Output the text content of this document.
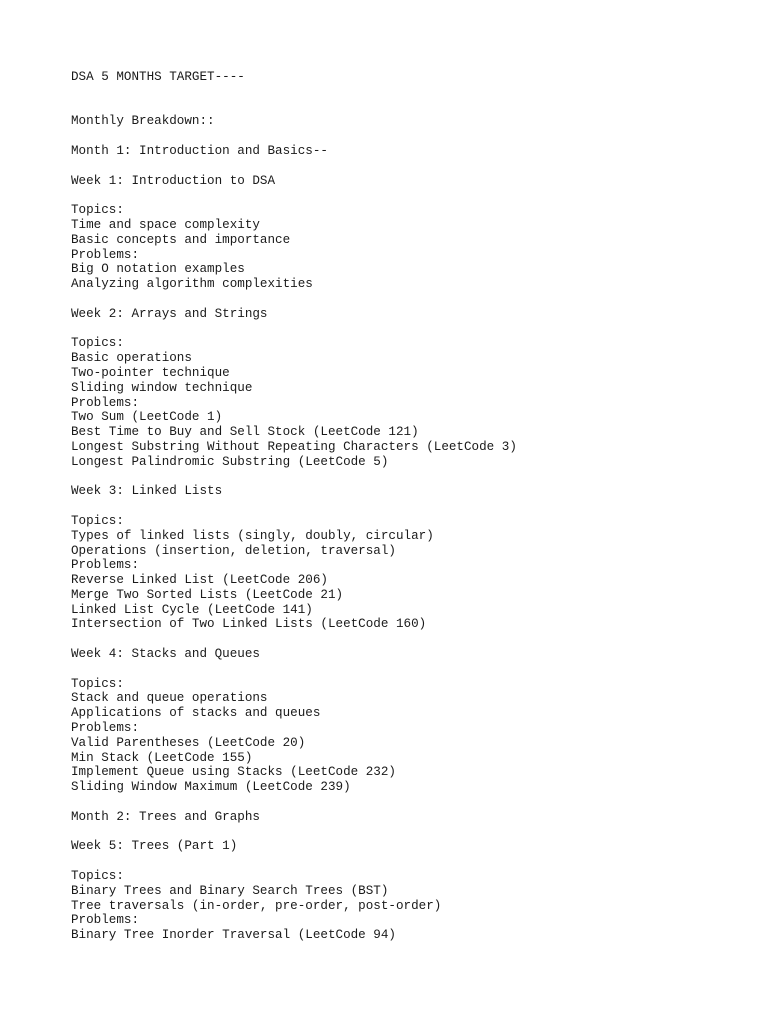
DSA 5 MONTHS TARGET----
Monthly Breakdown::
Month 1: Introduction and Basics--
Week 1: Introduction to DSA
Topics:
Time and space complexity
Basic concepts and importance
Problems:
Big O notation examples
Analyzing algorithm complexities
Week 2: Arrays and Strings
Topics:
Basic operations
Two-pointer technique
Sliding window technique
Problems:
Two Sum (LeetCode 1)
Best Time to Buy and Sell Stock (LeetCode 121)
Longest Substring Without Repeating Characters (LeetCode 3)
Longest Palindromic Substring (LeetCode 5)
Week 3: Linked Lists
Topics:
Types of linked lists (singly, doubly, circular)
Operations (insertion, deletion, traversal)
Problems:
Reverse Linked List (LeetCode 206)
Merge Two Sorted Lists (LeetCode 21)
Linked List Cycle (LeetCode 141)
Intersection of Two Linked Lists (LeetCode 160)
Week 4: Stacks and Queues
Topics:
Stack and queue operations
Applications of stacks and queues
Problems:
Valid Parentheses (LeetCode 20)
Min Stack (LeetCode 155)
Implement Queue using Stacks (LeetCode 232)
Sliding Window Maximum (LeetCode 239)
Month 2: Trees and Graphs
Week 5: Trees (Part 1)
Topics:
Binary Trees and Binary Search Trees (BST)
Tree traversals (in-order, pre-order, post-order)
Problems:
Binary Tree Inorder Traversal (LeetCode 94)
